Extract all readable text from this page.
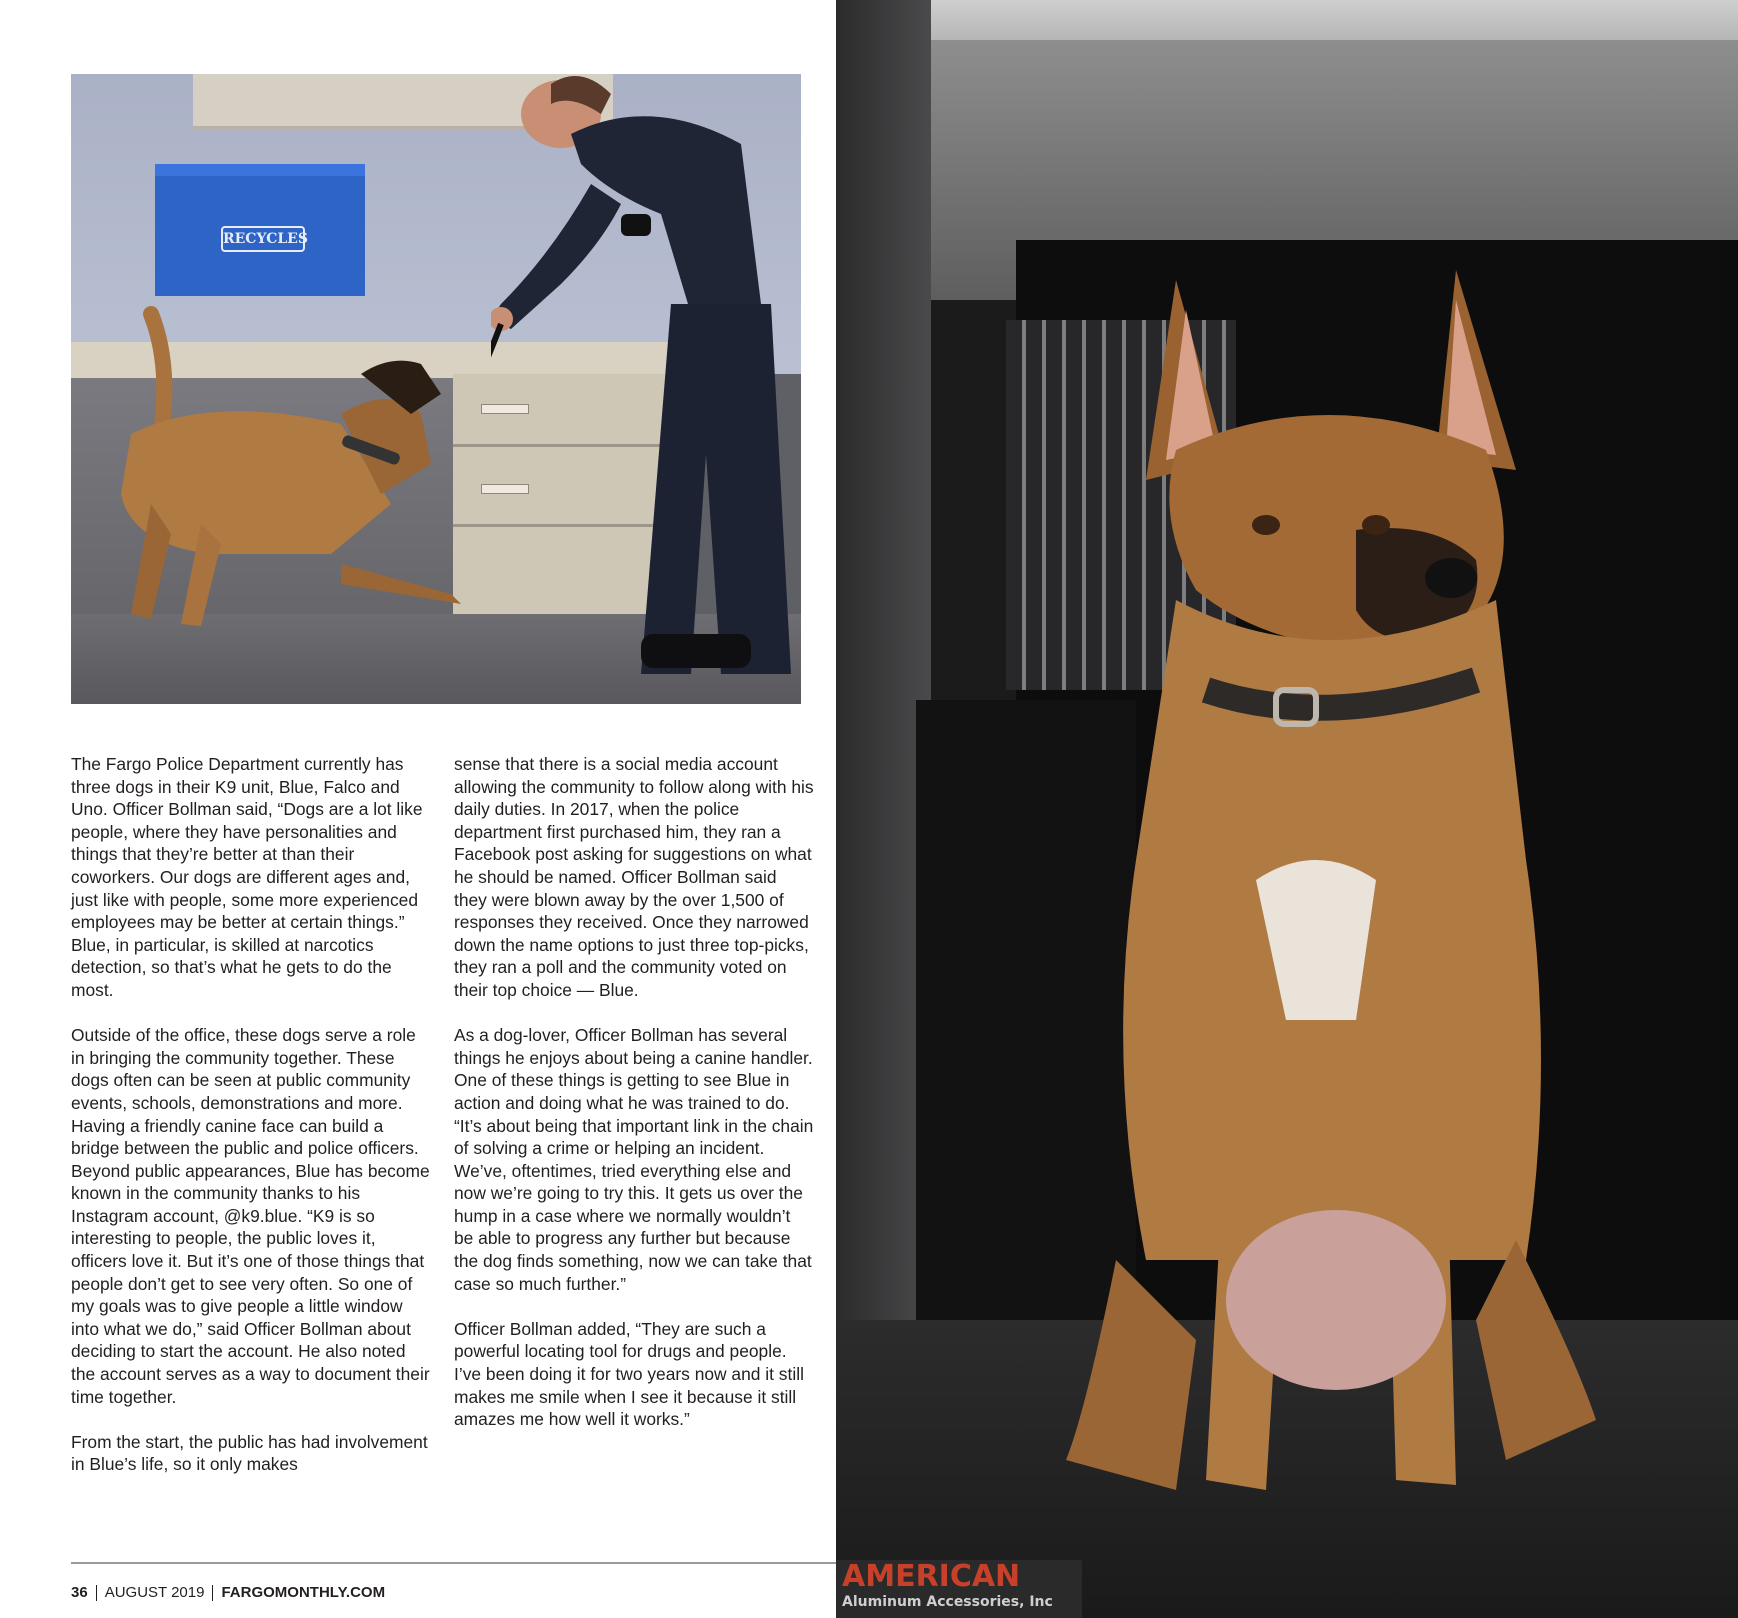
RECYCLES

The Fargo Police Department currently has three dogs in their K9 unit, Blue, Falco and Uno. Officer Bollman said, “Dogs are a lot like people, where they have personalities and things that they’re better at than their coworkers. Our dogs are different ages and, just like with people, some more experienced employees may be better at certain things.” Blue, in particular, is skilled at narcotics detection, so that’s what he gets to do the most.

Outside of the office, these dogs serve a role in bringing the community together. These dogs often can be seen at public community events, schools, demonstrations and more. Having a friendly canine face can build a bridge between the public and police officers. Beyond public appearances, Blue has become known in the community thanks to his Instagram account, @k9.blue. “K9 is so interesting to people, the public loves it, officers love it. But it’s one of those things that people don’t get to see very often. So one of my goals was to give people a little window into what we do,” said Officer Bollman about deciding to start the account. He also noted the account serves as a way to document their time together.

From the start, the public has had involvement in Blue’s life, so it only makes

sense that there is a social media account allowing the community to follow along with his daily duties. In 2017, when the police department first purchased him, they ran a Facebook post asking for suggestions on what he should be named. Officer Bollman said they were blown away by the over 1,500 of responses they received. Once they narrowed down the name options to just three top-picks, they ran a poll and the community voted on their top choice — Blue.

As a dog-lover, Officer Bollman has several things he enjoys about being a canine handler. One of these things is getting to see Blue in action and doing what he was trained to do. “It’s about being that important link in the chain of solving a crime or helping an incident. We’ve, oftentimes, tried everything else and now we’re going to try this. It gets us over the hump in a case where we normally wouldn’t be able to progress any further but because the dog finds something, now we can take that case so much further.”

Officer Bollman added, “They are such a powerful locating tool for drugs and people. I’ve been doing it for two years now and it still makes me smile when I see it because it still amazes me how well it works.”

36 AUGUST 2019 FARGOMONTHLY.COM	AMERICAN
Aluminum Accessories, Inc
